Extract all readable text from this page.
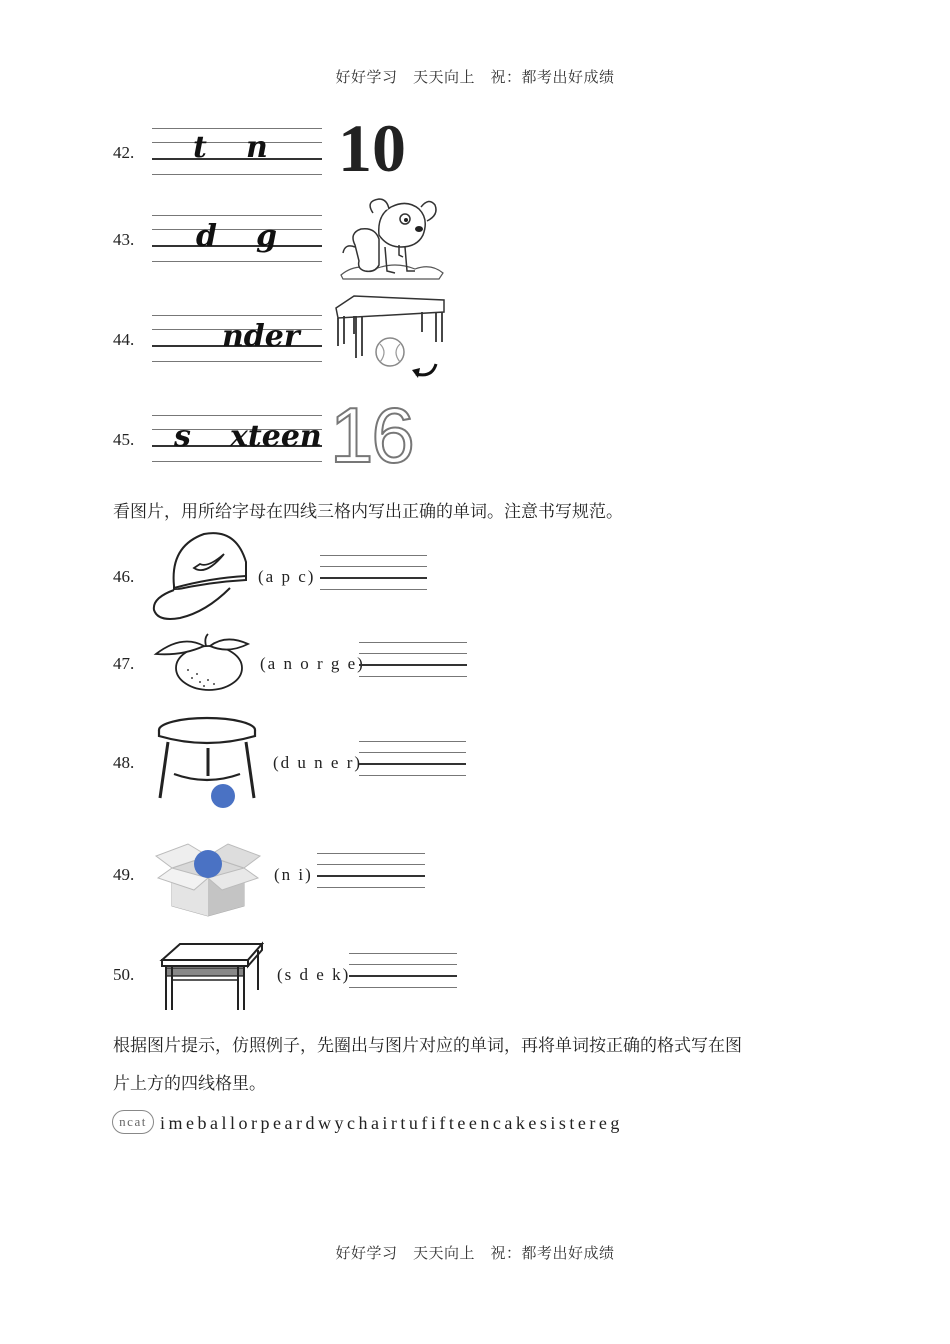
好好学习　天天向上　祝：都考出好成绩
42. t n 10
43. d g
44.	nder
45. s xteen 16
看图片，用所给字母在四线三格内写出正确的单词。注意书写规范。
46.	(a p c)
47.	(a n o r g e)
48.	(d u n e r)
49.	(n i)
50.	(s d e k)
根据图片提示，仿照例子，先圈出与图片对应的单词，再将单词按正确的格式写在图
片上方的四线格里。
ncat imeballorpeardwychairtufifteencakesistereg
好好学习　天天向上　祝：都考出好成绩
